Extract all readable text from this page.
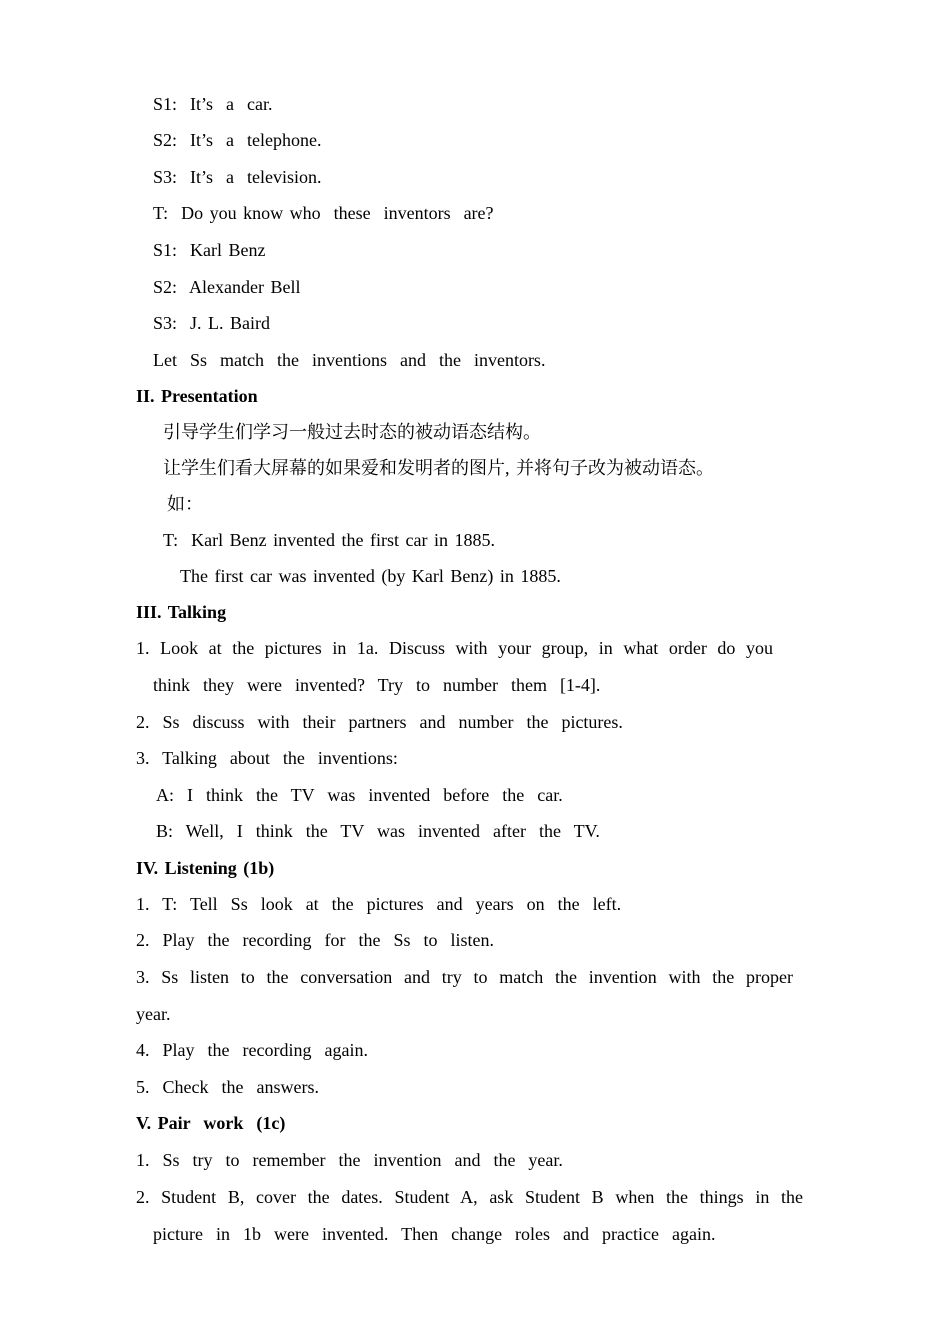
S1:  It’s  a  car.
S2:  It’s  a  telephone.
S3:  It’s  a  television.
T:  Do you know who  these  inventors  are?
S1:  Karl Benz
S2:  Alexander Bell
S3:  J. L. Baird
Let  Ss  match  the  inventions  and  the  inventors.
II. Presentation
引导学生们学习一般过去时态的被动语态结构。
让学生们看大屏幕的如果爱和发明者的图片, 并将句子改为被动语态。
如：
T:  Karl Benz invented the first car in 1885.
The first car was invented (by Karl Benz) in 1885.
III. Talking
1. Look at the pictures in 1a. Discuss with your group, in what order do you
think  they  were  invented?  Try  to  number  them  [1-4].
2.  Ss  discuss  with  their  partners  and  number  the  pictures.
3.  Talking  about  the  inventions:
A:  I  think  the  TV  was  invented  before  the  car.
B:  Well,  I  think  the  TV  was  invented  after  the  TV.
IV. Listening (1b)
1.  T:  Tell  Ss  look  at  the  pictures  and  years  on  the  left.
2.  Play  the  recording  for  the  Ss  to  listen.
3. Ss listen to the conversation and try to match the invention with the proper
year.
4.  Play  the  recording  again.
5.  Check  the  answers.
V. Pair  work  (1c)
1.  Ss  try  to  remember  the  invention  and  the  year.
2. Student B, cover the dates. Student A, ask Student B when the things in the
picture  in  1b  were  invented.  Then  change  roles  and  practice  again.
